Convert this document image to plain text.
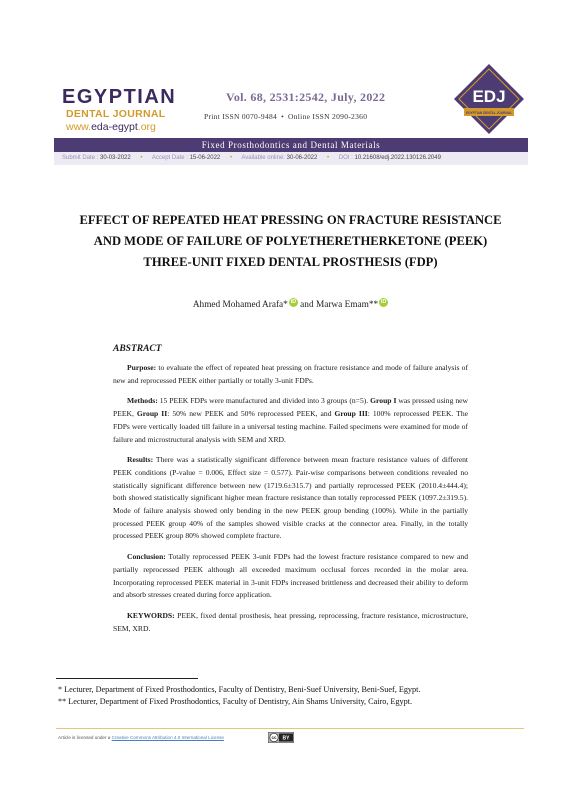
EGYPTIAN
DENTAL JOURNAL
www.eda-egypt.org
Vol. 68, 2531:2542, July, 2022
Print ISSN 0070-9484 • Online ISSN 2090-2360
EDJ
EGYPTIAN DENTAL JOURNAL
Fixed Prosthodontics and Dental Materials
Submit Date : 30-03-2022 • Accept Date : 15-06-2022 • Available online: 30-06-2022 • DOI : 10.21608/edj.2022.130126.2049
EFFECT OF REPEATED HEAT PRESSING ON FRACTURE RESISTANCE
AND MODE OF FAILURE OF POLYETHERETHERKETONE (PEEK)
THREE-UNIT FIXED DENTAL PROSTHESIS (FDP)
Ahmed Mohamed Arafa* iD and Marwa Emam** iD
ABSTRACT

Purpose: to evaluate the effect of repeated heat pressing on fracture resistance and mode of failure analysis of new and reprocessed PEEK either partially or totally 3-unit FDPs.

Methods: 15 PEEK FDPs were manufactured and divided into 3 groups (n=5). Group I was pressed using new PEEK, Group II: 50% new PEEK and 50% reprocessed PEEK, and Group III: 100% reprocessed PEEK. The FDPs were vertically loaded till failure in a universal testing machine. Failed specimens were examined for mode of failure and microstructural analysis with SEM and XRD.

Results: There was a statistically significant difference between mean fracture resistance values of different PEEK conditions (P-value = 0.006, Effect size = 0.577). Pair-wise comparisons between conditions revealed no statistically significant difference between new (1719.6±315.7) and partially reprocessed PEEK (2010.4±444.4); both showed statistically significant higher mean fracture resistance than totally reprocessed PEEK (1097.2±319.5). Mode of failure analysis showed only bending in the new PEEK group bending (100%). While in the partially processed PEEK group 40% of the samples showed visible cracks at the connector area. Finally, in the totally processed PEEK group 80% showed complete fracture.

Conclusion: Totally reprocessed PEEK 3-unit FDPs had the lowest fracture resistance compared to new and partially reprocessed PEEK although all exceeded maximum occlusal forces recorded in the molar area. Incorporating reprocessed PEEK material in 3-unit FDPs increased brittleness and decreased their ability to deform and absorb stresses created during force application.

KEYWORDS: PEEK, fixed dental prosthesis, heat pressing, reprocessing, fracture resistance, microstructure, SEM, XRD.

* Lecturer, Department of Fixed Prosthodontics, Faculty of Dentistry, Beni-Suef University, Beni-Suef, Egypt.
** Lecturer, Department of Fixed Prosthodontics, Faculty of Dentistry, Ain Shams University, Cairo, Egypt.
Article is licensed under a Creative Commons Attribution 4.0 International License	cc BY
